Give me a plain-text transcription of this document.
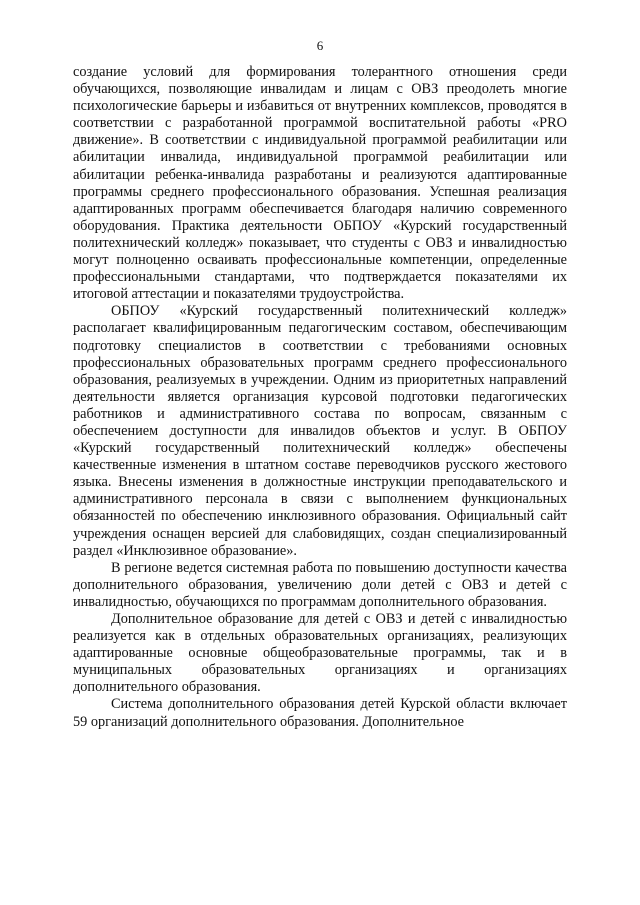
6

создание условий для формирования толерантного отношения среди обучающихся, позволяющие инвалидам и лицам с ОВЗ преодолеть многие психологические барьеры и избавиться от внутренних комплексов, проводятся в соответствии с разработанной программой воспитательной работы «PRO движение». В соответствии с индивидуальной программой реабилитации или абилитации инвалида, индивидуальной программой реабилитации или абилитации ребенка-инвалида разработаны и реализуются адаптированные программы среднего профессионального образования. Успешная реализация адаптированных программ обеспечивается благодаря наличию современного оборудования. Практика деятельности ОБПОУ «Курский государственный политехнический колледж» показывает, что студенты с ОВЗ и инвалидностью могут полноценно осваивать профессиональные компетенции, определенные профессиональными стандартами, что подтверждается показателями их итоговой аттестации и показателями трудоустройства.

ОБПОУ «Курский государственный политехнический колледж» располагает квалифицированным педагогическим составом, обеспечивающим подготовку специалистов в соответствии с требованиями основных профессиональных образовательных программ среднего профессионального образования, реализуемых в учреждении. Одним из приоритетных направлений деятельности является организация курсовой подготовки педагогических работников и административного состава по вопросам, связанным с обеспечением доступности для инвалидов объектов и услуг. В ОБПОУ «Курский государственный политехнический колледж» обеспечены качественные изменения в штатном составе переводчиков русского жестового языка. Внесены изменения в должностные инструкции преподавательского и административного персонала в связи с выполнением функциональных обязанностей по обеспечению инклюзивного образования. Официальный сайт учреждения оснащен версией для слабовидящих, создан специализированный раздел «Инклюзивное образование».

В регионе ведется системная работа по повышению доступности качества дополнительного образования, увеличению доли детей с ОВЗ и детей с инвалидностью, обучающихся по программам дополнительного образования.

Дополнительное образование для детей с ОВЗ и детей с инвалидностью реализуется как в отдельных образовательных организациях, реализующих адаптированные основные общеобразовательные программы, так и в муниципальных образовательных организациях и организациях дополнительного образования.

Система дополнительного образования детей Курской области включает 59 организаций дополнительного образования. Дополнительное
